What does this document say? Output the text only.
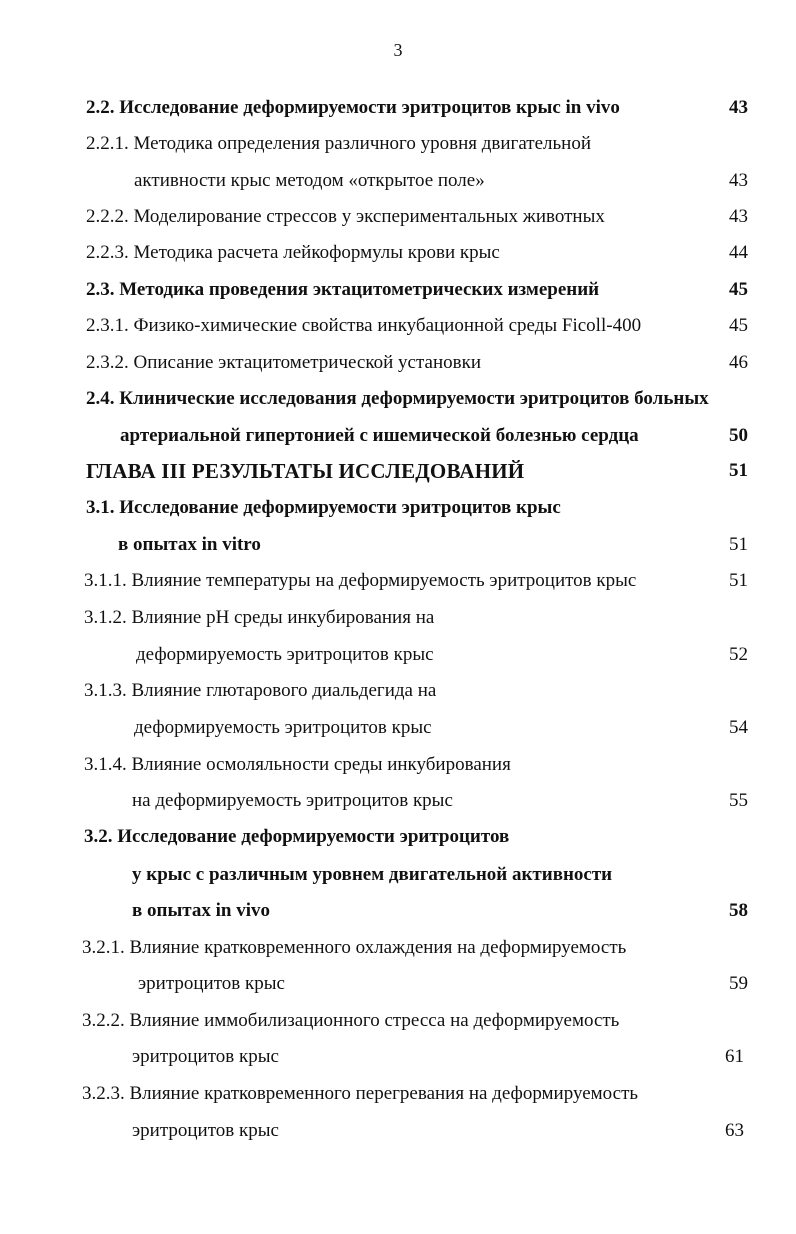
3
2.2. Исследование деформируемости эритроцитов крыс in vivo	43
2.2.1. Методика определения различного уровня двигательной
активности крыс методом «открытое поле»	43
2.2.2. Моделирование стрессов у экспериментальных животных	43
2.2.3. Методика расчета лейкоформулы крови крыс	44
2.3. Методика проведения эктацитометрических измерений	45
2.3.1. Физико-химические свойства инкубационной среды Ficoll-400	45
2.3.2. Описание эктацитометрической установки	46
2.4. Клинические исследования деформируемости эритроцитов больных
артериальной гипертонией с ишемической болезнью сердца	50
ГЛАВА III РЕЗУЛЬТАТЫ ИССЛЕДОВАНИЙ	51
3.1. Исследование деформируемости эритроцитов крыс
в опытах in vitro	51
3.1.1. Влияние температуры на деформируемость эритроцитов крыс	51
3.1.2. Влияние pH среды инкубирования на
деформируемость эритроцитов крыс	52
3.1.3. Влияние глютарового диальдегида на
деформируемость эритроцитов крыс	54
3.1.4. Влияние осмоляльности среды инкубирования
на деформируемость эритроцитов крыс	55
3.2. Исследование деформируемости эритроцитов
у крыс с различным уровнем двигательной активности
в опытах in vivo	58
3.2.1. Влияние кратковременного охлаждения на деформируемость
эритроцитов крыс	59
3.2.2. Влияние иммобилизационного стресса на деформируемость
эритроцитов крыс	61
3.2.3. Влияние кратковременного перегревания на деформируемость
эритроцитов крыс	63
